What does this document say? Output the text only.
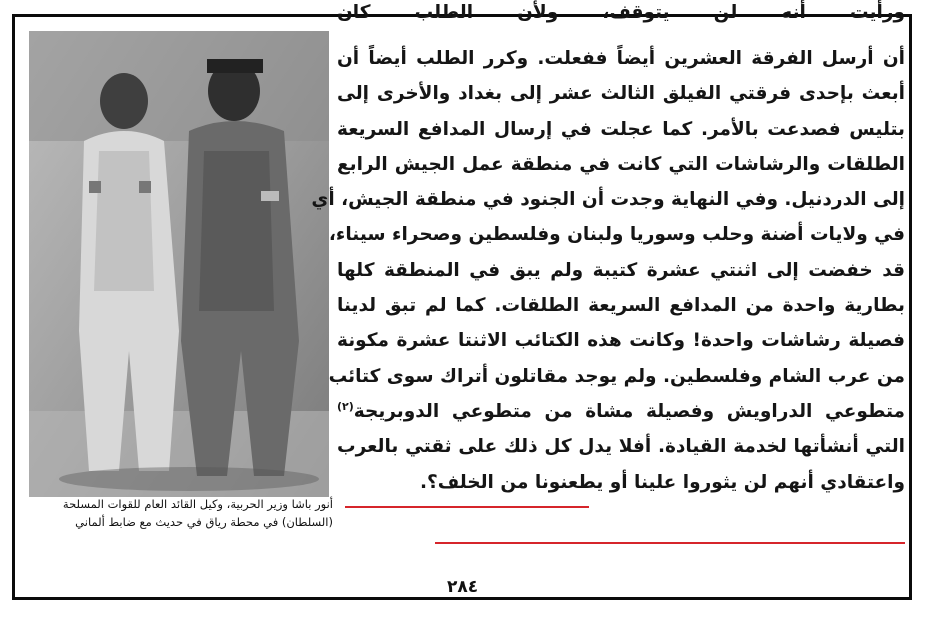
أنور باشا وزير الحربية، وكيل القائد العام للقوات المسلحة
(السلطان) في محطة رياق في حديث مع ضابط ألماني
ورأيت أنه لن يتوقف، ولأن الطلب كان
أن أرسل الفرقة العشرين أيضاً ففعلت. وكرر الطلب أيضاً أن
أبعث بإحدى فرقتي الفيلق الثالث عشر إلى بغداد والأخرى إلى
بتليس فصدعت بالأمر. كما عجلت في إرسال المدافع السريعة
الطلقات والرشاشات التي كانت في منطقة عمل الجيش الرابع
إلى الدردنيل. وفي النهاية وجدت أن الجنود في منطقة الجيش، أي
في ولايات أضنة وحلب وسوريا ولبنان وفلسطين وصحراء سيناء،
قد خفضت إلى اثنتي عشرة كتيبة ولم يبق في المنطقة كلها
بطارية واحدة من المدافع السريعة الطلقات. كما لم تبق لدينا
فصيلة رشاشات واحدة! وكانت هذه الكتائب الاثنتا عشرة مكونة
من عرب الشام وفلسطين. ولم يوجد مقاتلون أتراك سوى كتائب
متطوعي الدراويش وفصيلة مشاة من متطوعي الدوبريجة$^{(٢)}$
التي أنشأتها لخدمة القيادة. أفلا يدل كل ذلك على ثقتي بالعرب
واعتقادي أنهم لن يثوروا علينا أو يطعنونا من الخلف؟.
٢٨٤
